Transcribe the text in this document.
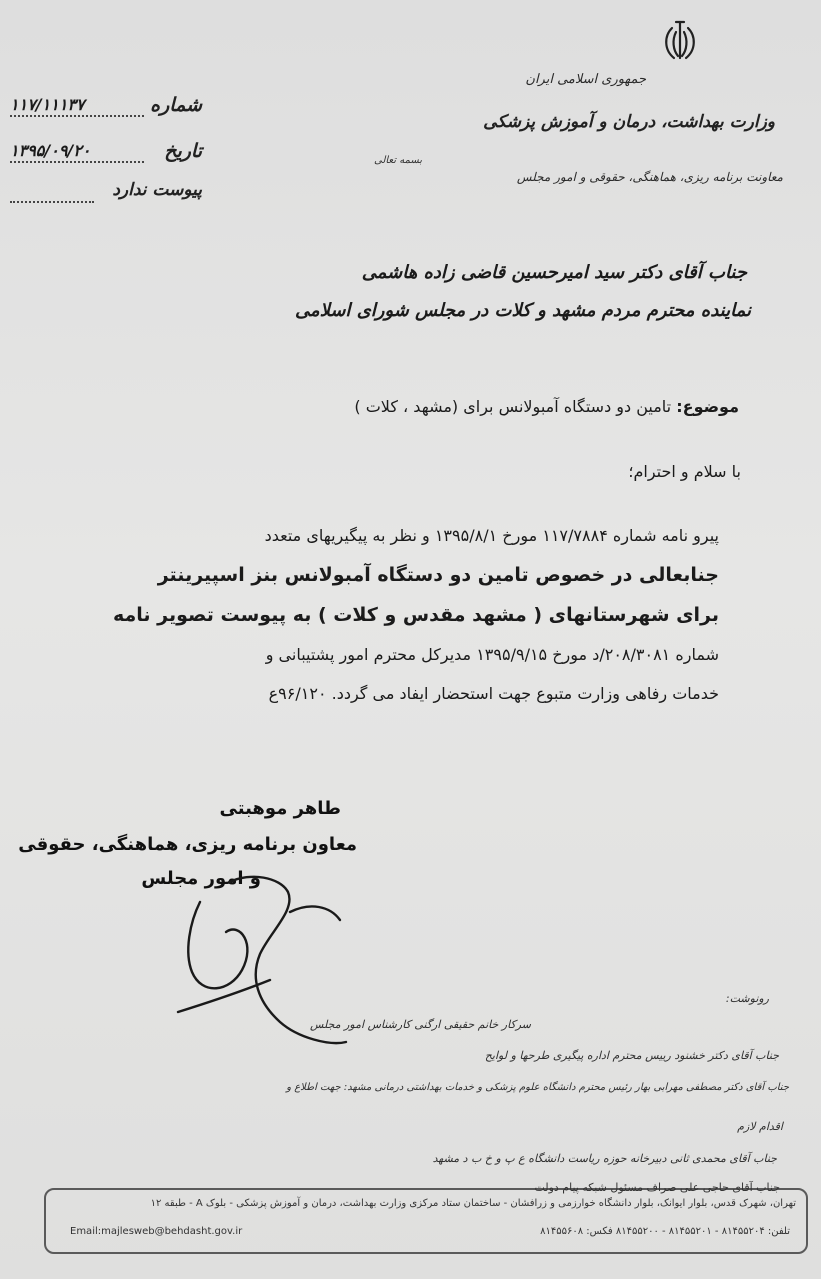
جمهوری اسلامی ایران
وزارت بهداشت، درمان و آموزش پزشکی
معاونت برنامه ریزی، هماهنگی، حقوقی و امور مجلس
بسمه تعالی
شماره
۱۱۷/۱۱۱۳۷
تاریخ
۱۳۹۵/۰۹/۲۰
پیوست ندارد
جناب آقای دکتر سید امیرحسین قاضی زاده هاشمی
نماینده محترم مردم مشهد و کلات در مجلس شورای اسلامی
موضوع: تامین دو دستگاه آمبولانس برای (مشهد ، کلات )
با سلام و احترام؛
پیرو نامه شماره ۱۱۷/۷۸۸۴ مورخ ۱۳۹۵/۸/۱ و نظر به پیگیریهای متعدد
جنابعالی در خصوص تامین دو دستگاه آمبولانس بنز اسپیرینتر
برای شهرستانهای ( مشهد مقدس و کلات ) به پیوست تصویر نامه
شماره ۲۰۸/۳۰۸۱/د مورخ ۱۳۹۵/۹/۱۵ مدیرکل محترم امور پشتیبانی و
خدمات رفاهی وزارت متبوع جهت استحضار ایفاد می گردد. ۹۶/۱۲۰ع
طاهر موهبتی
معاون برنامه ریزی، هماهنگی، حقوقی
و امور مجلس
رونوشت:
سرکار خانم حقیقی ارگنی کارشناس امور مجلس
جناب آقای دکتر خشنود رییس محترم اداره پیگیری طرحها و لوایح
جناب آقای دکتر مصطفی مهرابی بهار رئیس محترم دانشگاه علوم پزشکی و خدمات بهداشتی درمانی مشهد: جهت اطلاع و
اقدام لازم
جناب آقای محمدی ثانی دبیرخانه حوزه ریاست دانشگاه ع پ و خ ب د مشهد
جناب آقای حاجی علی صراف مسئول شبکه پیام دولت
تهران، شهرک قدس، بلوار ایوانک، بلوار دانشگاه خوارزمی و زرافشان - ساختمان ستاد مرکزی وزارت بهداشت، درمان و آموزش پزشکی - بلوک A - طبقه ۱۲
Email:majlesweb@behdasht.gov.ir	تلفن: ۸۱۴۵۵۲۰۴ - ۸۱۴۵۵۲۰۱ - ۸۱۴۵۵۲۰۰ فکس: ۸۱۴۵۵۶۰۸
